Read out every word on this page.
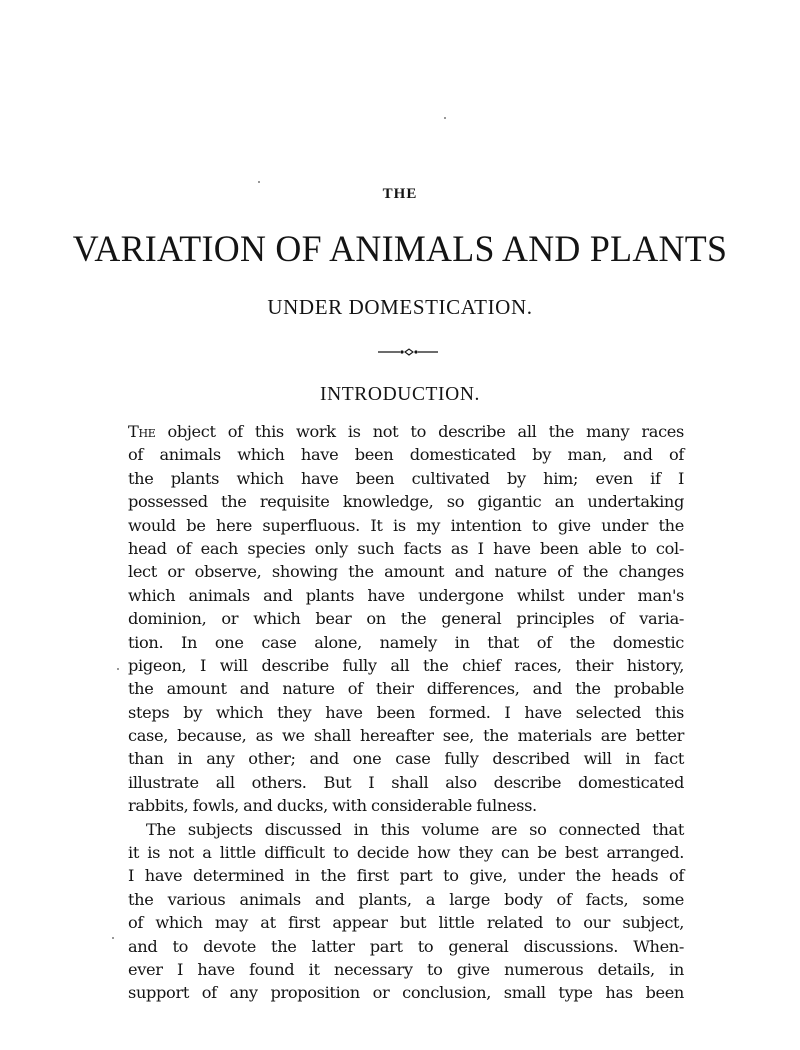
THE
VARIATION OF ANIMALS AND PLANTS
UNDER DOMESTICATION.
INTRODUCTION.
The object of this work is not to describe all the many races
of animals which have been domesticated by man, and of
the plants which have been cultivated by him; even if I
possessed the requisite knowledge, so gigantic an undertaking
would be here superfluous. It is my intention to give under the
head of each species only such facts as I have been able to col-
lect or observe, showing the amount and nature of the changes
which animals and plants have undergone whilst under man's
dominion, or which bear on the general principles of varia-
tion. In one case alone, namely in that of the domestic
pigeon, I will describe fully all the chief races, their history,
the amount and nature of their differences, and the probable
steps by which they have been formed. I have selected this
case, because, as we shall hereafter see, the materials are better
than in any other; and one case fully described will in fact
illustrate all others. But I shall also describe domesticated
rabbits, fowls, and ducks, with considerable fulness.
The subjects discussed in this volume are so connected that
it is not a little difficult to decide how they can be best arranged.
I have determined in the first part to give, under the heads of
the various animals and plants, a large body of facts, some
of which may at first appear but little related to our subject,
and to devote the latter part to general discussions. When-
ever I have found it necessary to give numerous details, in
support of any proposition or conclusion, small type has been
